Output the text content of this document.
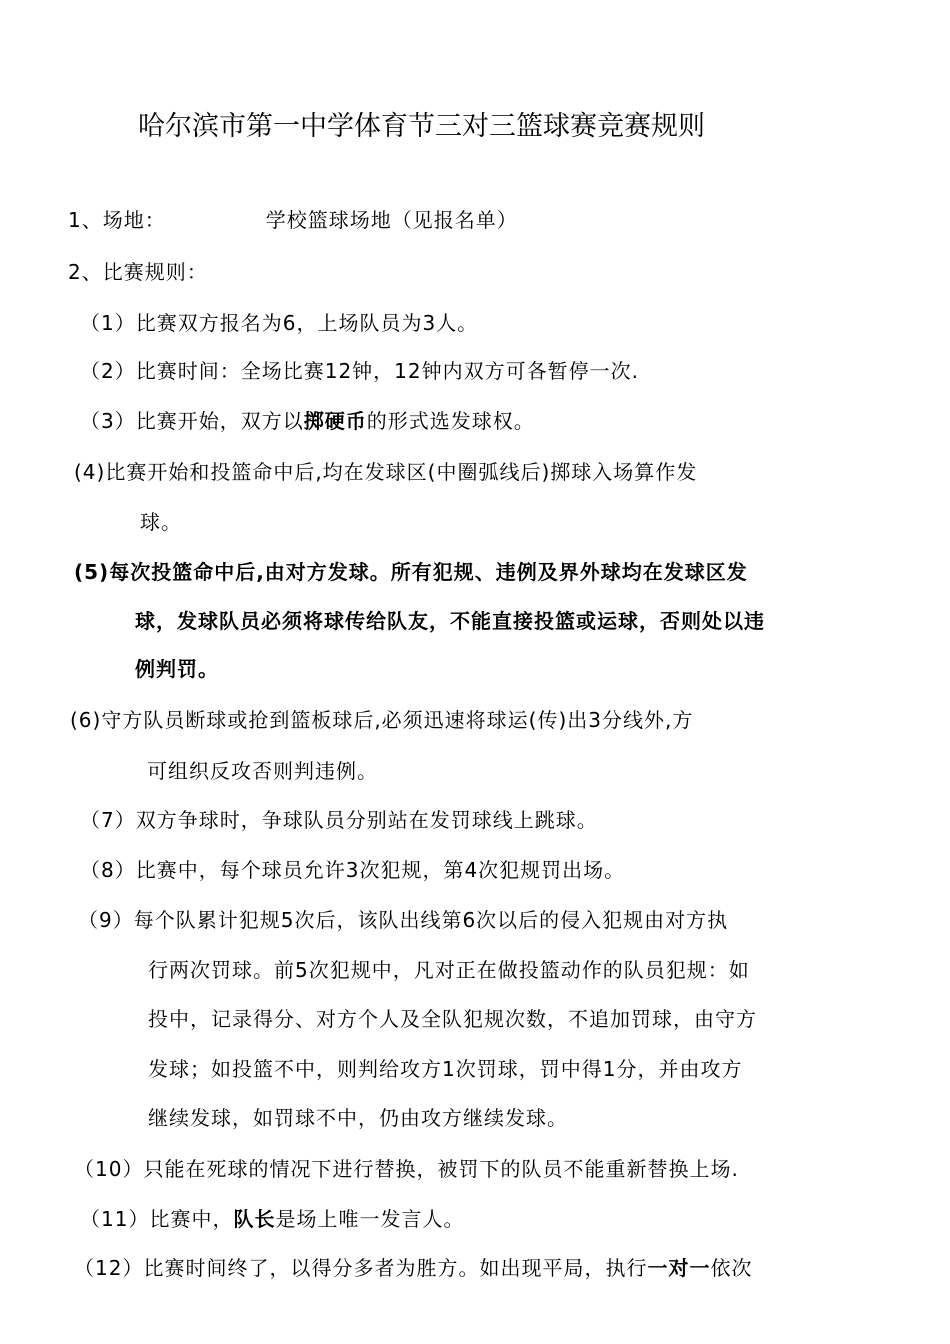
哈尔滨市第一中学体育节三对三篮球赛竞赛规则
1、场地：	学校篮球场地（见报名单）
2、比赛规则：
（1）比赛双方报名为6，上场队员为3人。
（2）比赛时间：全场比赛12钟，12钟内双方可各暂停一次.
（3）比赛开始，双方以掷硬币的形式选发球权。
(4)比赛开始和投篮命中后,均在发球区(中圈弧线后)掷球入场算作发
球。
(5)每次投篮命中后,由对方发球。所有犯规、违例及界外球均在发球区发
球，发球队员必须将球传给队友，不能直接投篮或运球，否则处以违
例判罚。
(6)守方队员断球或抢到篮板球后,必须迅速将球运(传)出3分线外,方
可组织反攻否则判违例。
（7）双方争球时，争球队员分别站在发罚球线上跳球。
（8）比赛中，每个球员允许3次犯规，第4次犯规罚出场。
（9）每个队累计犯规5次后，该队出线第6次以后的侵入犯规由对方执
行两次罚球。前5次犯规中，凡对正在做投篮动作的队员犯规：如
投中，记录得分、对方个人及全队犯规次数，不追加罚球，由守方
发球；如投篮不中，则判给攻方1次罚球，罚中得1分，并由攻方
继续发球，如罚球不中，仍由攻方继续发球。
（10）只能在死球的情况下进行替换，被罚下的队员不能重新替换上场.
（11）比赛中，队长是场上唯一发言人。
（12）比赛时间终了，以得分多者为胜方。如出现平局，执行一对一依次
